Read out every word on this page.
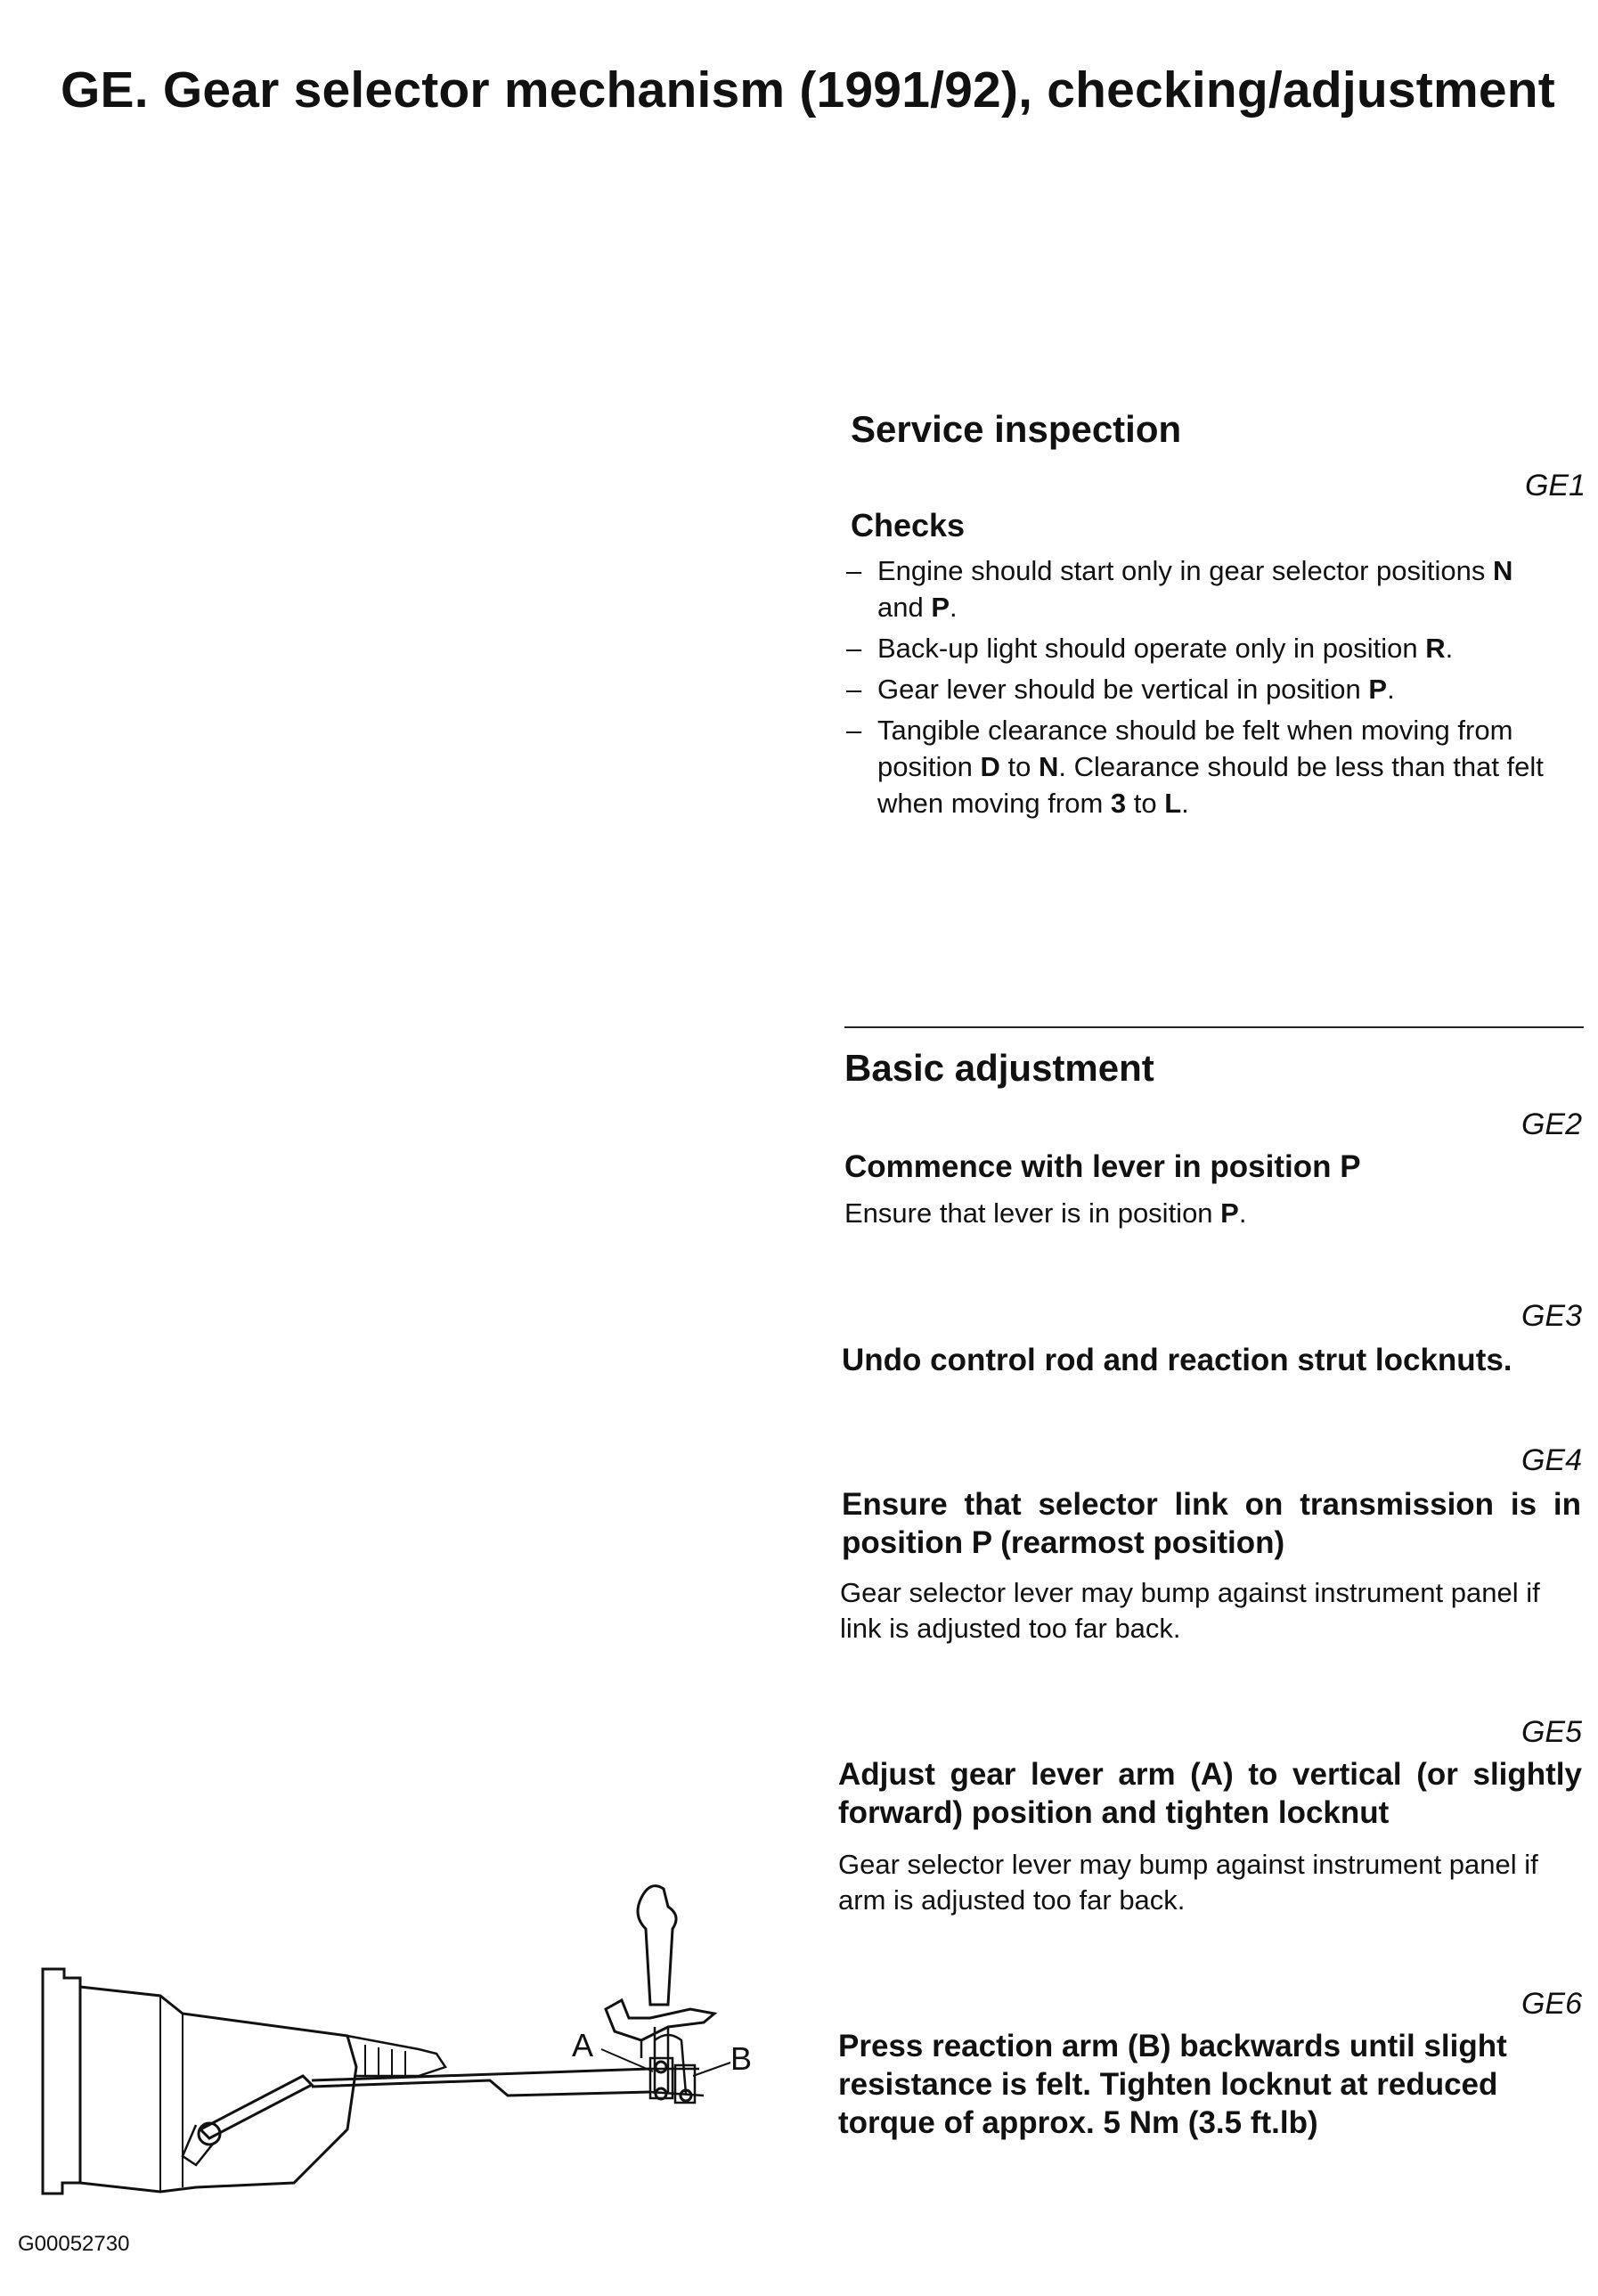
GE. Gear selector mechanism (1991/92), checking/adjustment
Service inspection
GE1
Checks
– Engine should start only in gear selector positions N and P.
– Back-up light should operate only in position R.
– Gear lever should be vertical in position P.
– Tangible clearance should be felt when moving from position D to N. Clearance should be less than that felt when moving from 3 to L.
Basic adjustment
GE2
Commence with lever in position P
Ensure that lever is in position P.
GE3
Undo control rod and reaction strut locknuts.
GE4
Ensure that selector link on transmission is in position P (rearmost position)
Gear selector lever may bump against instrument panel if link is adjusted too far back.
GE5
Adjust gear lever arm (A) to vertical (or slightly forward) position and tighten locknut
Gear selector lever may bump against instrument panel if arm is adjusted too far back.
GE6
Press reaction arm (B) backwards until slight resistance is felt. Tighten locknut at reduced torque of approx. 5 Nm (3.5 ft.lb)
A	B
G00052730
